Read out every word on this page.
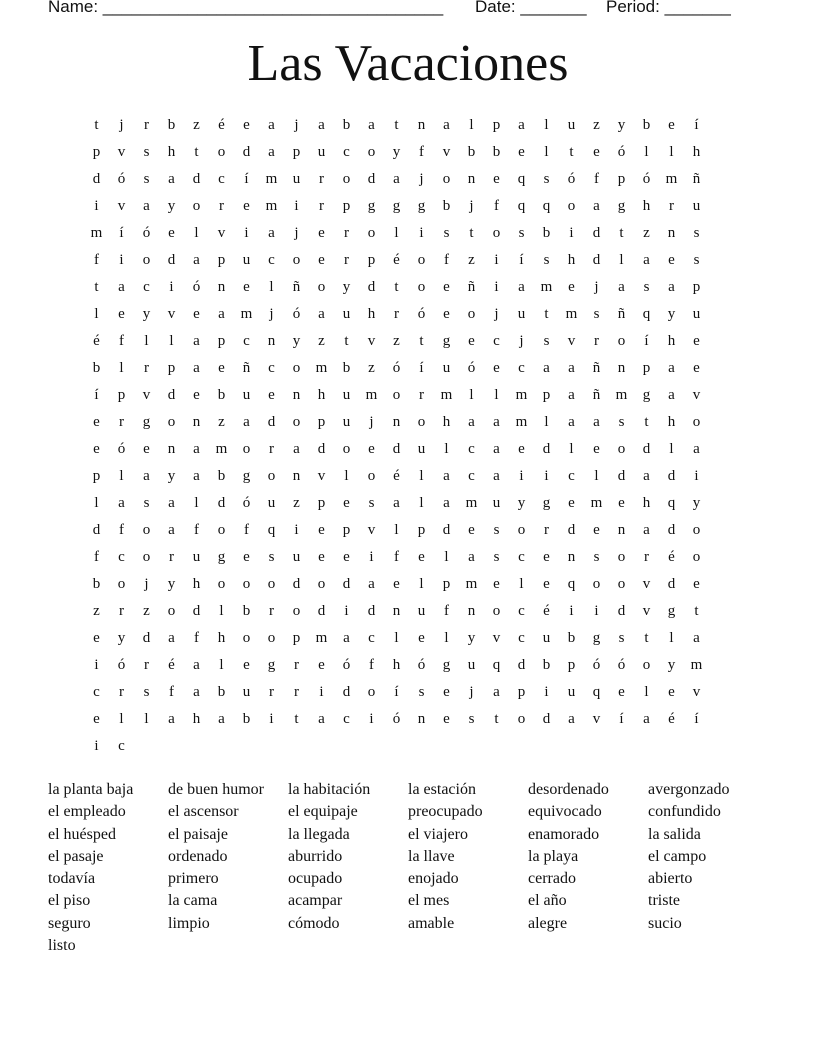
Name: ____________________________________ Date: _______ Period: _______
Las Vacaciones
t	j	r	b	z	é	e	a	j	a	b	a	t	n	a	l	p	a	l	u	z	y	b	e	í
p	v	s	h	t	o	d	a	p	u	c	o	y	f	v	b	b	e	l	t	e	ó	l	l	h
d	ó	s	a	d	c	í	m	u	r	o	d	a	j	o	n	e	q	s	ó	f	p	ó	m	ñ
i	v	a	y	o	r	e	m	i	r	p	g	g	g	b	j	f	q	q	o	a	g	h	r	u
m	í	ó	e	l	v	i	a	j	e	r	o	l	i	s	t	o	s	b	i	d	t	z	n	s
f	i	o	d	a	p	u	c	o	e	r	p	é	o	f	z	i	í	s	h	d	l	a	e	s
t	a	c	i	ó	n	e	l	ñ	o	y	d	t	o	e	ñ	i	a	m	e	j	a	s	a	p
l	e	y	v	e	a	m	j	ó	a	u	h	r	ó	e	o	j	u	t	m	s	ñ	q	y	u
é	f	l	l	a	p	c	n	y	z	t	v	z	t	g	e	c	j	s	v	r	o	í	h	e
b	l	r	p	a	e	ñ	c	o	m	b	z	ó	í	u	ó	e	c	a	a	ñ	n	p	a	e
í	p	v	d	e	b	u	e	n	h	u	m	o	r	m	l	l	m	p	a	ñ	m	g	a	v
e	r	g	o	n	z	a	d	o	p	u	j	n	o	h	a	a	m	l	a	a	s	t	h	o
e	ó	e	n	a	m	o	r	a	d	o	e	d	u	l	c	a	e	d	l	e	o	d	l	a
p	l	a	y	a	b	g	o	n	v	l	o	é	l	a	c	a	i	i	c	l	d	a	d	i
l	a	s	a	l	d	ó	u	z	p	e	s	a	l	a	m	u	y	g	e	m	e	h	q	y
d	f	o	a	f	o	f	q	i	e	p	v	l	p	d	e	s	o	r	d	e	n	a	d	o
f	c	o	r	u	g	e	s	u	e	e	i	f	e	l	a	s	c	e	n	s	o	r	é	o
b	o	j	y	h	o	o	o	d	o	d	a	e	l	p	m	e	l	e	q	o	o	v	d	e
z	r	z	o	d	l	b	r	o	d	i	d	n	u	f	n	o	c	é	i	i	d	v	g	t
e	y	d	a	f	h	o	o	p	m	a	c	l	e	l	y	v	c	u	b	g	s	t	l	a
i	ó	r	é	a	l	e	g	r	e	ó	f	h	ó	g	u	q	d	b	p	ó	ó	o	y	m
c	r	s	f	a	b	u	r	r	i	d	o	í	s	e	j	a	p	i	u	q	e	l	e	v
e	l	l	a	h	a	b	i	t	a	c	i	ó	n	e	s	t	o	d	a	v	í	a	é	í
i	c
la planta baja	de buen humor	la habitación	la estación	desordenado	avergonzado
el empleado	el ascensor	el equipaje	preocupado	equivocado	confundido
el huésped	el paisaje	la llegada	el viajero	enamorado	la salida
el pasaje	ordenado	aburrido	la llave	la playa	el campo
todavía	primero	ocupado	enojado	cerrado	abierto
el piso	la cama	acampar	el mes	el año	triste
seguro	limpio	cómodo	amable	alegre	sucio
listo
